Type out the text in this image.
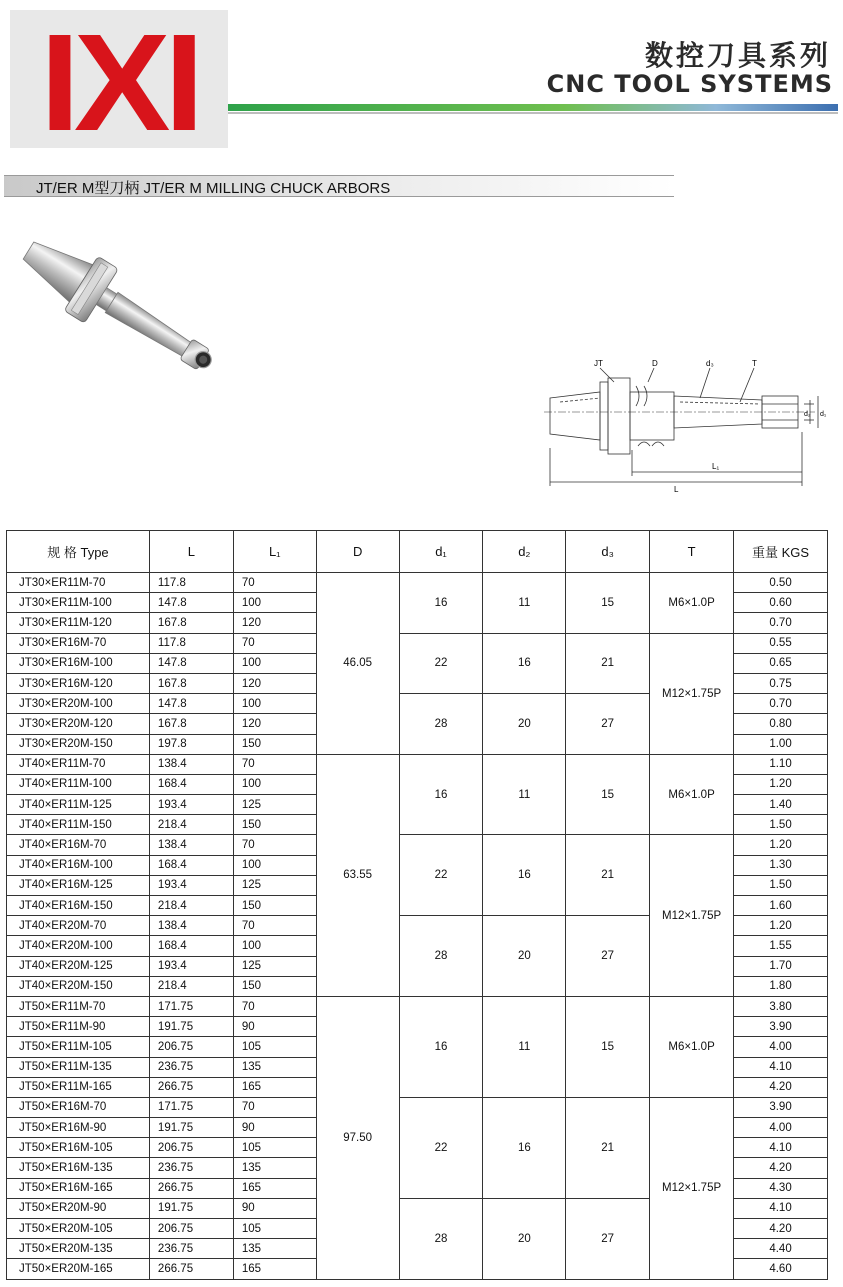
IXI	数控刀具系列
CNC TOOL SYSTEMS
JT/ER M型刀柄 JT/ER M MILLING CHUCK ARBORS
JT	D	d₃	T
d₂ d₁
L₁
L
规 格 Type	L	L₁	D	d₁	d₂	d₃	T	重量 KGS
JT30×ER11M-70	117.8	70	46.05	16	11	15	M6×1.0P	0.50
JT30×ER11M-100	147.8	100						0.60
JT30×ER11M-120	167.8	120						0.70
JT30×ER16M-70	117.8	70		22	16	21	M12×1.75P	0.55
JT30×ER16M-100	147.8	100						0.65
JT30×ER16M-120	167.8	120						0.75
JT30×ER20M-100	147.8	100		28	20	27		0.70
JT30×ER20M-120	167.8	120						0.80
JT30×ER20M-150	197.8	150						1.00
JT40×ER11M-70	138.4	70	63.55	16	11	15	M6×1.0P	1.10
JT40×ER11M-100	168.4	100						1.20
JT40×ER11M-125	193.4	125						1.40
JT40×ER11M-150	218.4	150						1.50
JT40×ER16M-70	138.4	70		22	16	21	M12×1.75P	1.20
JT40×ER16M-100	168.4	100						1.30
JT40×ER16M-125	193.4	125						1.50
JT40×ER16M-150	218.4	150						1.60
JT40×ER20M-70	138.4	70		28	20	27		1.20
JT40×ER20M-100	168.4	100						1.55
JT40×ER20M-125	193.4	125						1.70
JT40×ER20M-150	218.4	150						1.80
JT50×ER11M-70	171.75	70	97.50	16	11	15	M6×1.0P	3.80
JT50×ER11M-90	191.75	90						3.90
JT50×ER11M-105	206.75	105						4.00
JT50×ER11M-135	236.75	135						4.10
JT50×ER11M-165	266.75	165						4.20
JT50×ER16M-70	171.75	70		22	16	21	M12×1.75P	3.90
JT50×ER16M-90	191.75	90						4.00
JT50×ER16M-105	206.75	105						4.10
JT50×ER16M-135	236.75	135						4.20
JT50×ER16M-165	266.75	165						4.30
JT50×ER20M-90	191.75	90		28	20	27		4.10
JT50×ER20M-105	206.75	105						4.20
JT50×ER20M-135	236.75	135						4.40
JT50×ER20M-165	266.75	165						4.60
